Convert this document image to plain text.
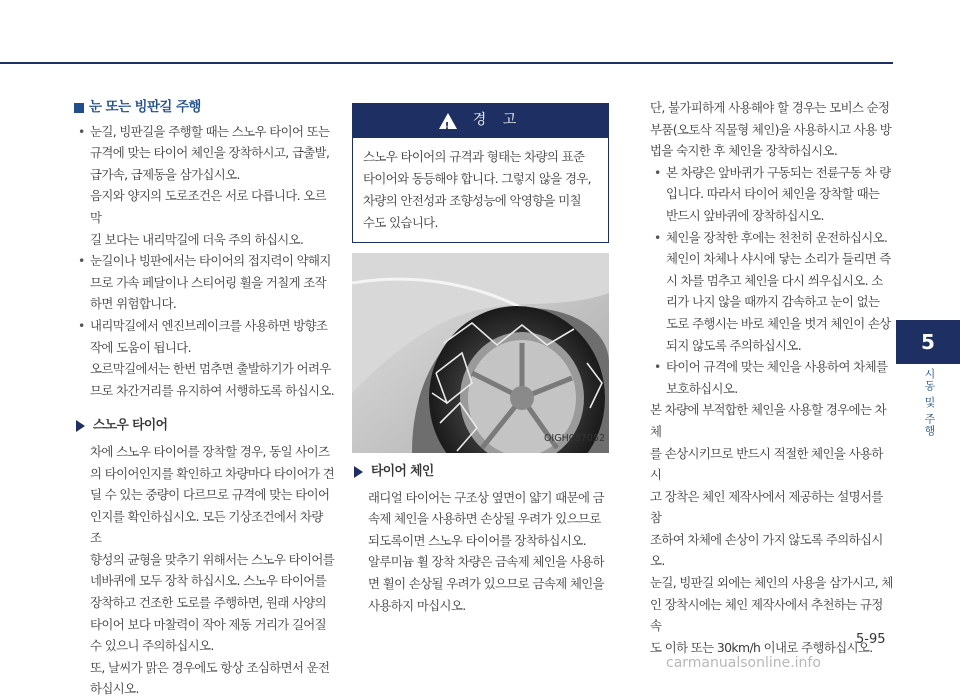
눈 또는 빙판길 주행
• 눈길, 빙판길을 주행할 때는 스노우 타이어 또는
규격에 맞는 타이어 체인을 장착하시고, 급출발,
급가속, 급제동을 삼가십시오.
음지와 양지의 도로조건은 서로 다릅니다. 오르막
길 보다는 내리막길에 더욱 주의 하십시오.
• 눈길이나 빙판에서는 타이어의 접지력이 약해지
므로 가속 페달이나 스티어링 휠을 거칠게 조작
하면 위험합니다.
• 내리막길에서 엔진브레이크를 사용하면 방향조
작에 도움이 됩니다.
오르막길에서는 한번 멈추면 출발하기가 어려우
므로 차간거리를 유지하여 서행하도록 하십시오.
스노우 타이어
차에 스노우 타이어를 장착할 경우, 동일 사이즈
의 타이어인지를 확인하고 차량마다 타이어가 견
딜 수 있는 중량이 다르므로 규격에 맞는 타이어
인지를 확인하십시오. 모든 기상조건에서 차량 조
향성의 균형을 맞추기 위해서는 스노우 타이어를
네바퀴에 모두 장착 하십시오. 스노우 타이어를
장착하고 건조한 도로를 주행하면, 원래 사양의
타이어 보다 마찰력이 작아 제동 거리가 길어질
수 있으니 주의하십시오.
또, 날씨가 맑은 경우에도 항상 조심하면서 운전
하십시오.
! 경 고
스노우 타이어의 규격과 형태는 차량의 표준
타이어와 동등해야 합니다. 그렇지 않을 경우,
차량의 안전성과 조향성능에 악영향을 미칠
수도 있습니다.
OIGH057052
타이어 체인
래디얼 타이어는 구조상 옆면이 얇기 때문에 금
속제 체인을 사용하면 손상될 우려가 있으므로
되도록이면 스노우 타이어를 장착하십시오.
알루미늄 휠 장착 차량은 금속제 체인을 사용하
면 휠이 손상될 우려가 있으므로 금속제 체인을
사용하지 마십시오.
단, 불가피하게 사용해야 할 경우는 모비스 순정
부품(오토삭 직물형 체인)을 사용하시고 사용 방
법을 숙지한 후 체인을 장착하십시오.
• 본 차량은 앞바퀴가 구동되는 전륜구동 차 량
입니다. 따라서 타이어 체인을 장착할 때는
반드시 앞바퀴에 장착하십시오.
• 체인을 장착한 후에는 천천히 운전하십시오.
체인이 차체나 샤시에 닿는 소리가 들리면 즉
시 차를 멈추고 체인을 다시 씌우십시오. 소
리가 나지 않을 때까지 감속하고 눈이 없는
도로 주행시는 바로 체인을 벗겨 체인이 손상
되지 않도록 주의하십시오.
• 타이어 규격에 맞는 체인을 사용하여 차체를
보호하십시오.
본 차량에 부적합한 체인을 사용할 경우에는 차체
를 손상시키므로 반드시 적절한 체인을 사용하시
고 장착은 체인 제작사에서 제공하는 설명서를 참
조하여 차체에 손상이 가지 않도록 주의하십시오.
눈길, 빙판길 외에는 체인의 사용을 삼가시고, 체
인 장착시에는 체인 제작사에서 추천하는 규정속
도 이하 또는 30km/h 이내로 주행하십시오.
5
시동 및 주행
5-95
carmanualsonline.info
